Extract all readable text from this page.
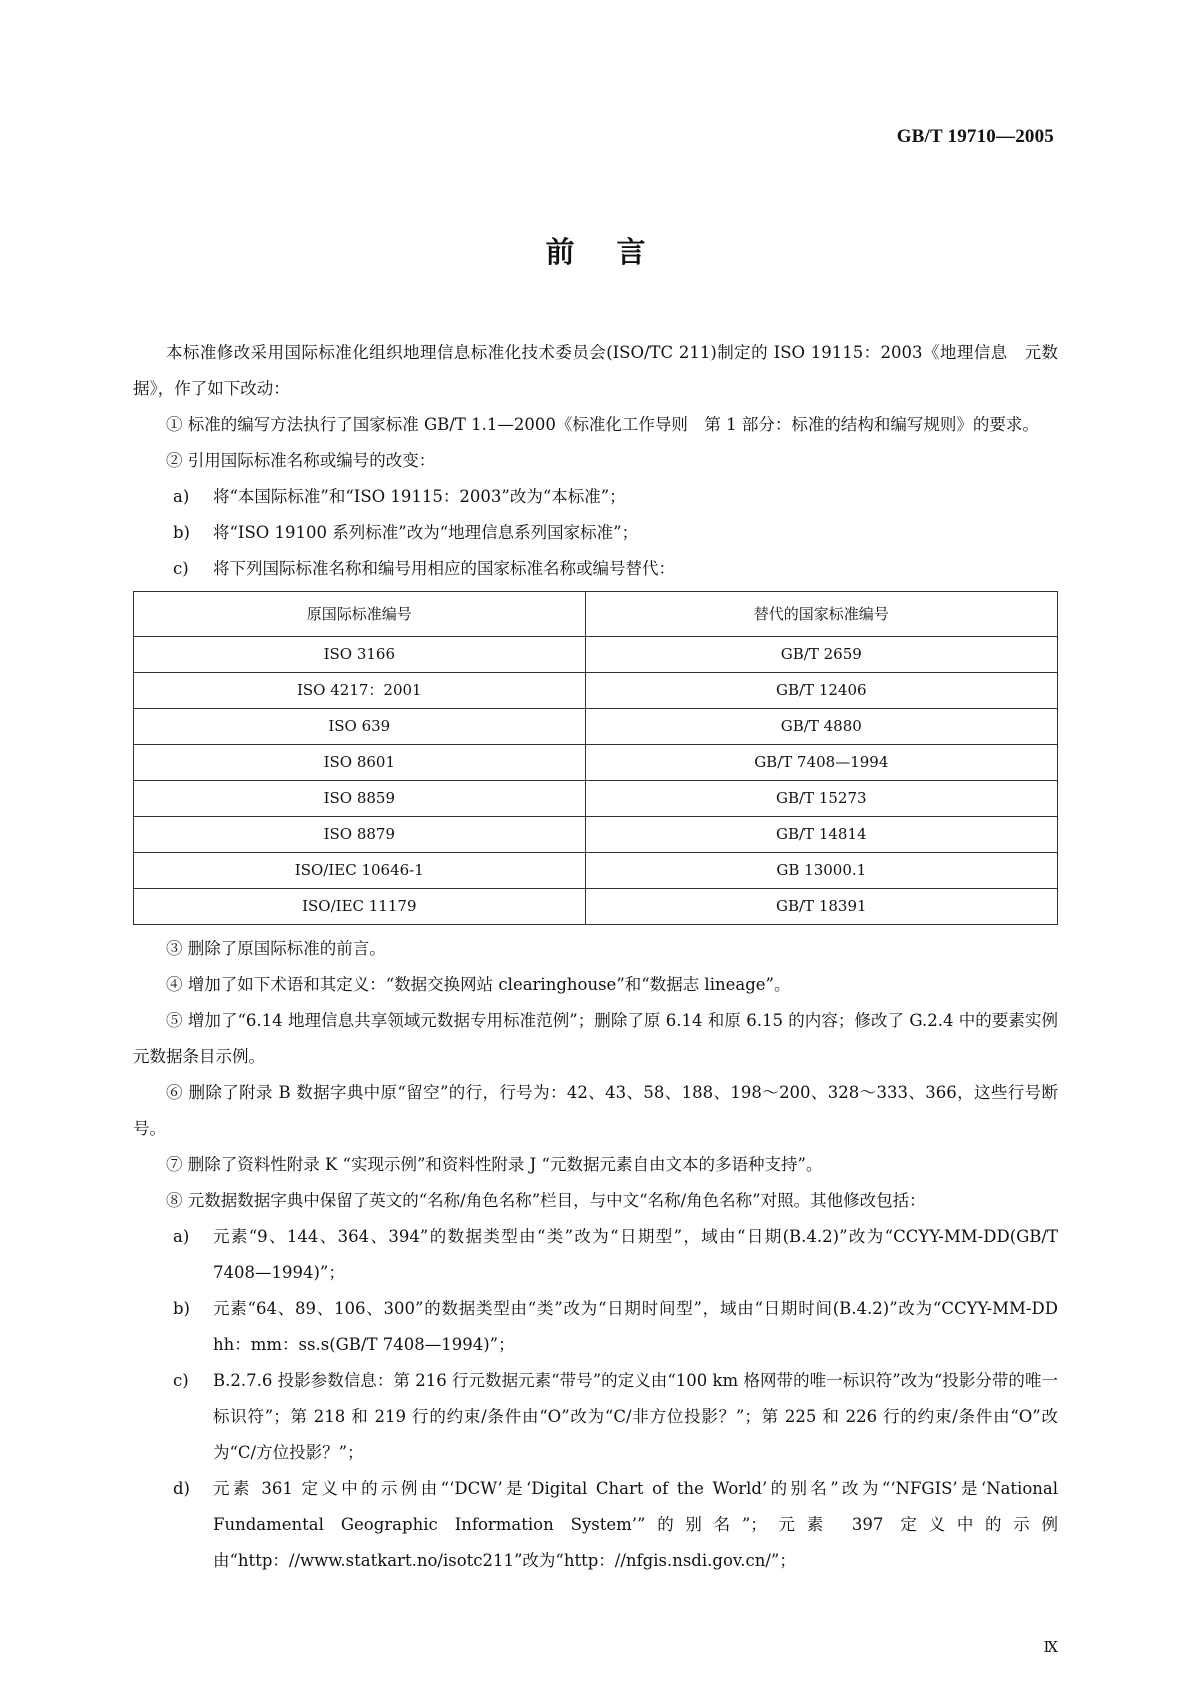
GB/T 19710—2005
前言

本标准修改采用国际标准化组织地理信息标准化技术委员会(ISO/TC 211)制定的 ISO 19115：2003《地理信息　元数据》，作了如下改动：

① 标准的编写方法执行了国家标准 GB/T 1.1—2000《标准化工作导则　第 1 部分：标准的结构和编写规则》的要求。

② 引用国际标准名称或编号的改变：

a)	将“本国际标准”和“ISO 19115：2003”改为“本标准”；
b)	将“ISO 19100 系列标准”改为“地理信息系列国家标准”；
c)	将下列国际标准名称和编号用相应的国家标准名称或编号替代：
原国际标准编号	替代的国家标准编号
ISO 3166	GB/T 2659
ISO 4217：2001	GB/T 12406
ISO 639	GB/T 4880
ISO 8601	GB/T 7408—1994
ISO 8859	GB/T 15273
ISO 8879	GB/T 14814
ISO/IEC 10646-1	GB 13000.1
ISO/IEC 11179	GB/T 18391

③ 删除了原国际标准的前言。

④ 增加了如下术语和其定义：“数据交换网站 clearinghouse”和“数据志 lineage”。

⑤ 增加了“6.14 地理信息共享领域元数据专用标准范例”；删除了原 6.14 和原 6.15 的内容；修改了 G.2.4 中的要素实例元数据条目示例。

⑥ 删除了附录 B 数据字典中原“留空”的行，行号为：42、43、58、188、198～200、328～333、366，这些行号断号。

⑦ 删除了资料性附录 K “实现示例”和资料性附录 J “元数据元素自由文本的多语种支持”。

⑧ 元数据数据字典中保留了英文的“名称/角色名称”栏目，与中文“名称/角色名称”对照。其他修改包括：

a)	元素“9、144、364、394”的数据类型由“类”改为“日期型”，域由“日期(B.4.2)”改为“CCYY-MM-DD(GB/T 7408—1994)”；
b)	元素“64、89、106、300”的数据类型由“类”改为“日期时间型”，域由“日期时间(B.4.2)”改为“CCYY-MM-DD hh：mm：ss.s(GB/T 7408—1994)”；
c)	B.2.7.6 投影参数信息：第 216 行元数据元素“带号”的定义由“100 km 格网带的唯一标识符”改为“投影分带的唯一标识符”；第 218 和 219 行的约束/条件由“O”改为“C/非方位投影？”；第 225 和 226 行的约束/条件由“O”改为“C/方位投影？”；
d)	元素 361 定义中的示例由“‘DCW’是‘Digital Chart of the World’的别名”改为“‘NFGIS’是‘National Fundamental Geographic Information System’”的别名”；元素 397 定义中的示例由“http：//www.statkart.no/isotc211”改为“http：//nfgis.nsdi.gov.cn/”；
Ⅸ
